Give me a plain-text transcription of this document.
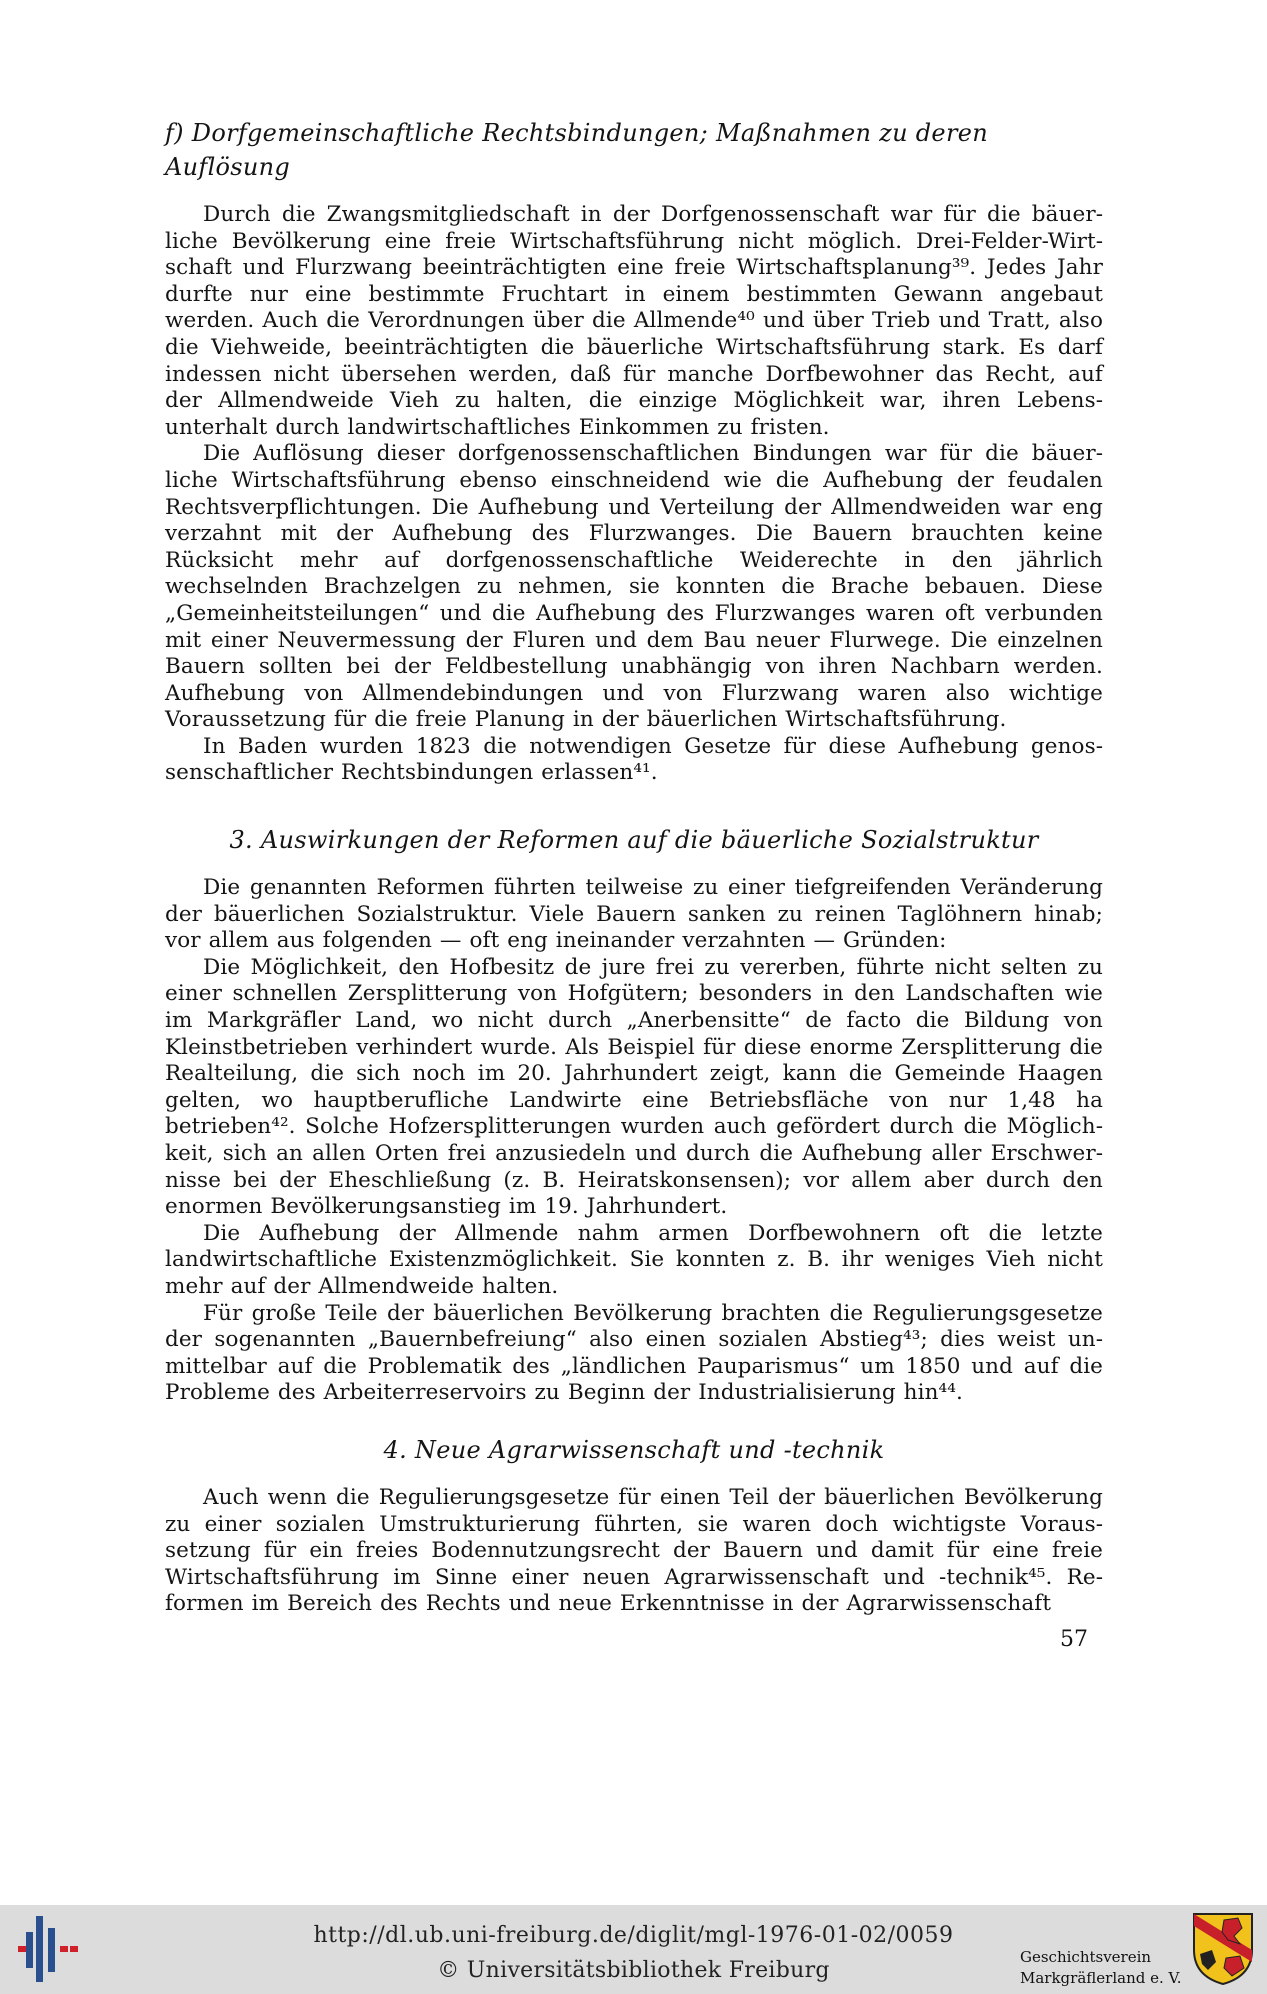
f) Dorfgemeinschaftliche Rechtsbindungen; Maßnahmen zu deren Auflösung

Durch die Zwangsmitgliedschaft in der Dorfgenossenschaft war für die bäuerliche Bevölkerung eine freie Wirtschaftsführung nicht möglich. Drei-Felder-Wirtschaft und Flurzwang beeinträchtigten eine freie Wirtschaftsplanung³⁹. Jedes Jahr durfte nur eine bestimmte Fruchtart in einem bestimmten Gewann angebaut werden. Auch die Verordnungen über die Allmende⁴⁰ und über Trieb und Tratt, also die Viehweide, beeinträchtigten die bäuerliche Wirtschaftsführung stark. Es darf indessen nicht übersehen werden, daß für manche Dorfbewohner das Recht, auf der Allmendweide Vieh zu halten, die einzige Möglichkeit war, ihren Lebensunterhalt durch landwirtschaftliches Einkommen zu fristen.

Die Auflösung dieser dorfgenossenschaftlichen Bindungen war für die bäuerliche Wirtschaftsführung ebenso einschneidend wie die Aufhebung der feudalen Rechtsverpflichtungen. Die Aufhebung und Verteilung der Allmendweiden war eng verzahnt mit der Aufhebung des Flurzwanges. Die Bauern brauchten keine Rücksicht mehr auf dorfgenossenschaftliche Weiderechte in den jährlich wechselnden Brachzelgen zu nehmen, sie konnten die Brache bebauen. Diese „Gemeinheitsteilungen“ und die Aufhebung des Flurzwanges waren oft verbunden mit einer Neuvermessung der Fluren und dem Bau neuer Flurwege. Die einzelnen Bauern sollten bei der Feldbestellung unabhängig von ihren Nachbarn werden. Aufhebung von Allmendebindungen und von Flurzwang waren also wichtige Voraussetzung für die freie Planung in der bäuerlichen Wirtschaftsführung.

In Baden wurden 1823 die notwendigen Gesetze für diese Aufhebung genossenschaftlicher Rechtsbindungen erlassen⁴¹.

3. Auswirkungen der Reformen auf die bäuerliche Sozialstruktur

Die genannten Reformen führten teilweise zu einer tiefgreifenden Veränderung der bäuerlichen Sozialstruktur. Viele Bauern sanken zu reinen Taglöhnern hinab; vor allem aus folgenden — oft eng ineinander verzahnten — Gründen:

Die Möglichkeit, den Hofbesitz de jure frei zu vererben, führte nicht selten zu einer schnellen Zersplitterung von Hofgütern; besonders in den Landschaften wie im Markgräfler Land, wo nicht durch „Anerbensitte“ de facto die Bildung von Kleinstbetrieben verhindert wurde. Als Beispiel für diese enorme Zersplitterung die Realteilung, die sich noch im 20. Jahrhundert zeigt, kann die Gemeinde Haagen gelten, wo hauptberufliche Landwirte eine Betriebsfläche von nur 1,48 ha betrieben⁴². Solche Hofzersplitterungen wurden auch gefördert durch die Möglichkeit, sich an allen Orten frei anzusiedeln und durch die Aufhebung aller Erschwernisse bei der Eheschließung (z. B. Heiratskonsensen); vor allem aber durch den enormen Bevölkerungsanstieg im 19. Jahrhundert.

Die Aufhebung der Allmende nahm armen Dorfbewohnern oft die letzte landwirtschaftliche Existenzmöglichkeit. Sie konnten z. B. ihr weniges Vieh nicht mehr auf der Allmendweide halten.

Für große Teile der bäuerlichen Bevölkerung brachten die Regulierungsgesetze der sogenannten „Bauernbefreiung“ also einen sozialen Abstieg⁴³; dies weist unmittelbar auf die Problematik des „ländlichen Pauparismus“ um 1850 und auf die Probleme des Arbeiterreservoirs zu Beginn der Industrialisierung hin⁴⁴.

4. Neue Agrarwissenschaft und -technik

Auch wenn die Regulierungsgesetze für einen Teil der bäuerlichen Bevölkerung zu einer sozialen Umstrukturierung führten, sie waren doch wichtigste Voraussetzung für ein freies Bodennutzungsrecht der Bauern und damit für eine freie Wirtschaftsführung im Sinne einer neuen Agrarwissenschaft und -technik⁴⁵. Reformen im Bereich des Rechts und neue Erkenntnisse in der Agrarwissenschaft

57
http://dl.ub.uni-freiburg.de/diglit/mgl-1976-01-02/0059
© Universitätsbibliothek Freiburg
Geschichtsverein
Markgräflerland e. V.
